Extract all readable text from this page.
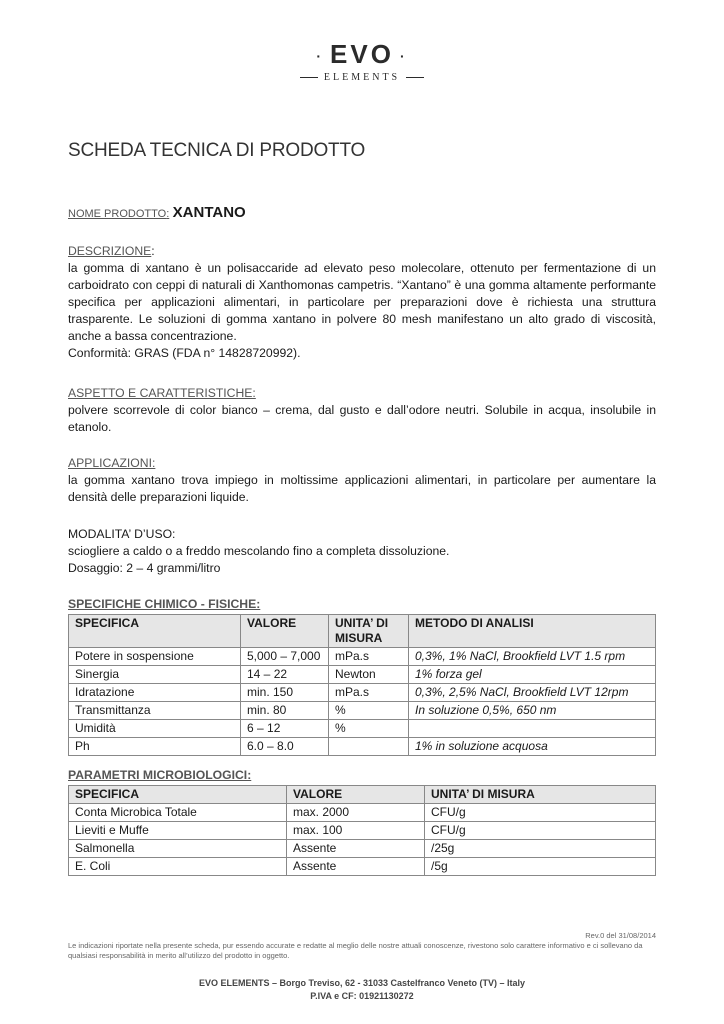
· EVO ·
ELEMENTS
SCHEDA TECNICA DI PRODOTTO
NOME PRODOTTO: XANTANO

DESCRIZIONE:

la gomma di xantano è un polisaccaride ad elevato peso molecolare, ottenuto per fermentazione di un carboidrato con ceppi di naturali di Xanthomonas campetris. “Xantano” è una gomma altamente performante specifica per applicazioni alimentari, in particolare per preparazioni dove è richiesta una struttura trasparente. Le soluzioni di gomma xantano in polvere 80 mesh manifestano un alto grado di viscosità, anche a bassa concentrazione.

Conformità: GRAS (FDA n° 14828720992).

ASPETTO E CARATTERISTICHE:

polvere scorrevole di color bianco – crema, dal gusto e dall’odore neutri. Solubile in acqua, insolubile in etanolo.

APPLICAZIONI:

la gomma xantano trova impiego in moltissime applicazioni alimentari, in particolare per aumentare la densità delle preparazioni liquide.

MODALITA’ D’USO:

sciogliere a caldo o a freddo mescolando fino a completa dissoluzione.

Dosaggio: 2 – 4 grammi/litro

SPECIFICHE CHIMICO - FISICHE:

SPECIFICA	VALORE	UNITA’ DI MISURA	METODO DI ANALISI
Potere in sospensione	5,000 – 7,000	mPa.s	0,3%, 1% NaCl, Brookfield LVT 1.5 rpm
Sinergia	14 – 22	Newton	1% forza gel
Idratazione	min. 150	mPa.s	0,3%, 2,5% NaCl, Brookfield LVT 12rpm
Transmittanza	min. 80	%	In soluzione 0,5%, 650 nm
Umidità	6 – 12	%	
Ph	6.0 – 8.0		1% in soluzione acquosa

PARAMETRI MICROBIOLOGICI:

SPECIFICA	VALORE	UNITA’ DI MISURA
Conta Microbica Totale	max. 2000	CFU/g
Lieviti e Muffe	max. 100	CFU/g
Salmonella	Assente	/25g
E. Coli	Assente	/5g
Rev.0 del 31/08/2014
Le indicazioni riportate nella presente scheda, pur essendo accurate e redatte al meglio delle nostre attuali conoscenze, rivestono solo carattere informativo e ci sollevano da qualsiasi responsabilità in merito all’utilizzo del prodotto in oggetto.
EVO ELEMENTS – Borgo Treviso, 62 - 31033 Castelfranco Veneto (TV) – Italy
P.IVA e CF: 01921130272
